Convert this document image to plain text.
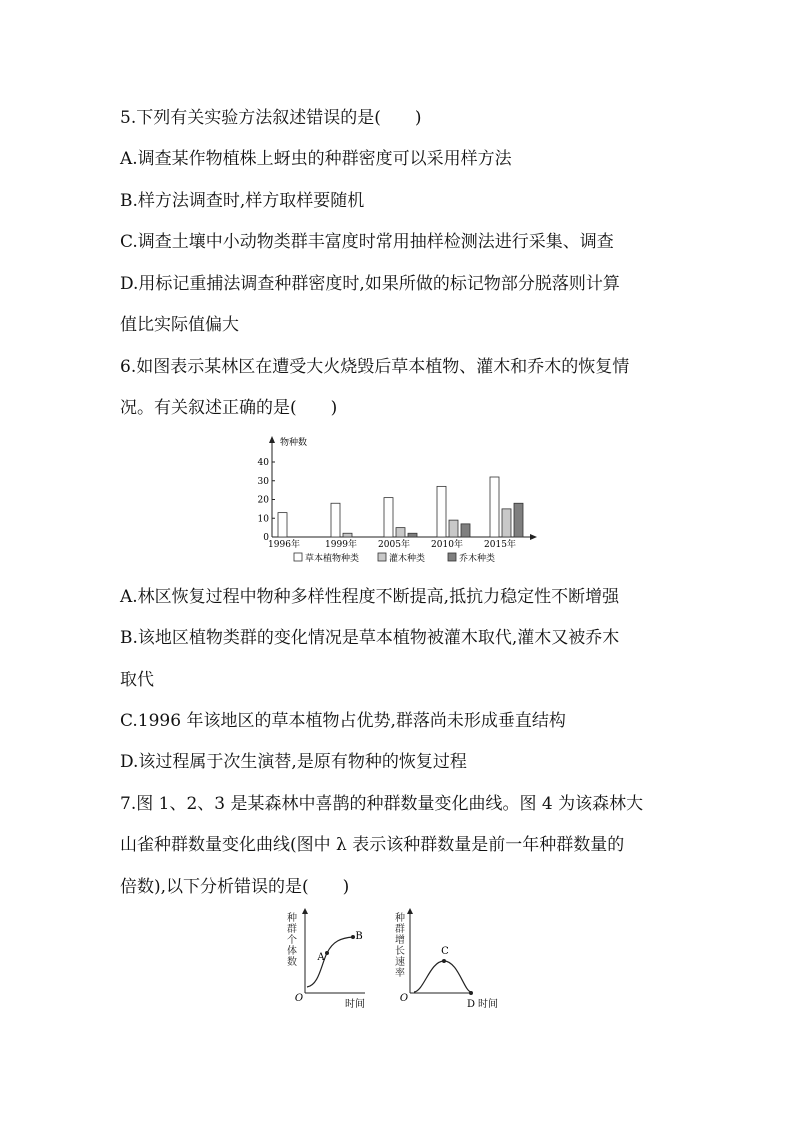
5.下列有关实验方法叙述错误的是(　　)
A.调查某作物植株上蚜虫的种群密度可以采用样方法
B.样方法调查时,样方取样要随机
C.调查土壤中小动物类群丰富度时常用抽样检测法进行采集、调查
D.用标记重捕法调查种群密度时,如果所做的标记物部分脱落则计算
值比实际值偏大
6.如图表示某林区在遭受大火烧毁后草本植物、灌木和乔木的恢复情
况。有关叙述正确的是(　　)
物种数
0
10
20
30
40
1996年	1999年 2005年 2010年 2015年
草本植物种类	灌木种类	乔木种类
A.林区恢复过程中物种多样性程度不断提高,抵抗力稳定性不断增强
B.该地区植物类群的变化情况是草本植物被灌木取代,灌木又被乔木
取代
C.1996 年该地区的草本植物占优势,群落尚未形成垂直结构
D.该过程属于次生演替,是原有物种的恢复过程
7.图 1、2、3 是某森林中喜鹊的种群数量变化曲线。图 4 为该森林大
山雀种群数量变化曲线(图中 λ 表示该种群数量是前一年种群数量的
倍数),以下分析错误的是(　　)
种
群
个
体
数
O
时间
A
B
种
群
增
长
速
率
O
D 时间
C
